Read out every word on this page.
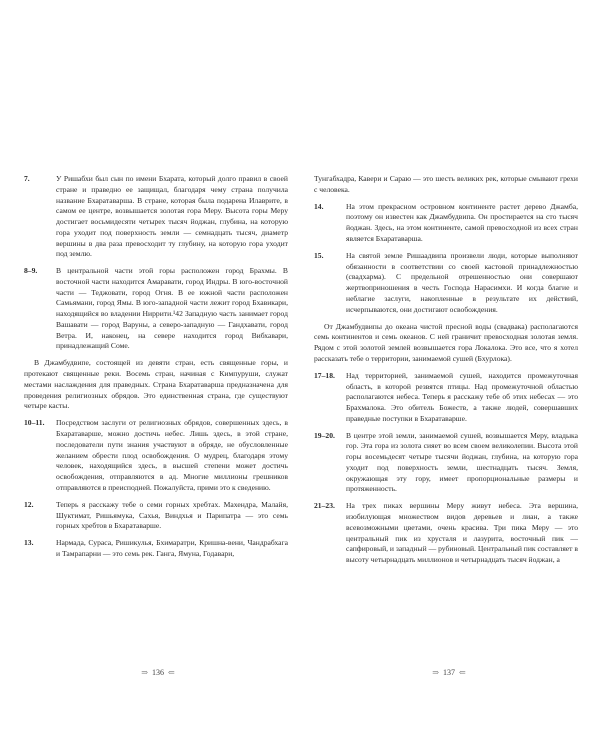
7.	У Ришабхи был сын по имени Бхарата, который долго правил в своей стране и праведно ее защищал, благодаря чему страна получила название Бхаратаварша. В стране, которая была подарена Илаврите, в самом ее центре, возвышается золотая гора Меру. Высота горы Меру достигает восьмидесяти четырех тысяч йоджан, глубина, на которую гора уходит под поверхность земли — семнадцать тысяч, диаметр вершины в два раза превосходит ту глубину, на которую гора уходит под землю.
8–9. В центральной части этой горы расположен город Брахмы. В восточной части находится Амаравати, город Индры. В юго-восточной части — Теджовати, город Огня. В ее южной части расположен Самьямани, город Ямы. В юго-западной части лежит город Бхавикари, находящийся во владении Ниррити.¹42 Западную часть занимает город Вашавати — город Варуны, а северо-западную — Гандхавати, город Ветра. И, наконец, на севере находится город Вибхавари, принадлежащий Соме.
В Джамбудвипе, состоящей из девяти стран, есть священные горы, и протекают священные реки. Восемь стран, начиная с Кимпуруши, служат местами наслаждения для праведных. Страна Бхаратаварша предназначена для проведения религиозных обрядов. Это единственная страна, где существуют четыре касты.
10–11. Посредством заслуги от религиозных обрядов, совершенных здесь, в Бхаратаварше, можно достичь небес. Лишь здесь, в этой стране, последователи пути знания участвуют в обряде, не обусловленные желанием обрести плод освобождения. О мудрец, благодаря этому человек, находящийся здесь, в высшей степени может достичь освобождения, отправляются в ад. Многие миллионы грешников отправляются в преисподней. Пожалуйста, прими это к сведению.
12.	Теперь я расскажу тебе о семи горных хребтах. Махендра, Малайя, Шуктимат, Ришьямука, Сахья, Виндхья и Парипатра — это семь горных хребтов в Бхаратаварше.
13.	Нармада, Сураса, Ришикулья, Бхимаратри, Кришна-вени, Чандрабхага и Тамрапарни — это семь рек. Ганга, Ямуна, Годавари,
Тунгабхадра, Кавери и Сараю — это шесть великих рек, которые смывают грехи с человека.
14.	На этом прекрасном островном континенте растет дерево Джамба, поэтому он известен как Джамбудвипа. Он простирается на сто тысяч йоджан. Здесь, на этом континенте, самой превосходной из всех стран является Бхаратаварша.
15.	На святой земле Ришаадвипа произвели люди, которые выполняют обязанности в соответствии со своей кастовой принадлежностью (свадхарма). С предельной отрешенностью они совершают жертвоприношения в честь Господа Нарасимхи. И когда благие и неблагие заслуги, накопленные в результате их действий, исчерпываются, они достигают освобождения.
От Джамбудвипы до океана чистой пресной воды (свадвака) располагаются семь континентов и семь океанов. С ней граничит превосходная золотая земля. Рядом с этой золотой землей возвышается гора Локалока. Это все, что я хотел рассказать тебе о территории, занимаемой сушей (Бхурлока).
17–18. Над территорией, занимаемой сушей, находится промежуточная область, в которой резвятся птицы. Над промежуточной областью располагаются небеса. Теперь я расскажу тебе об этих небесах — это Брахмалока. Это обитель Божеств, а также людей, совершавших праведные поступки в Бхаратаварше.
19–20. В центре этой земли, занимаемой сушей, возвышается Меру, владыка гор. Эта гора из золота сияет во всем своем великолепии. Высота этой горы восемьдесят четыре тысячи йоджан, глубина, на которую гора уходит под поверхность земли, шестнадцать тысяч. Земля, окружающая эту гору, имеет пропорциональные размеры и протяженность.
21–23. На трех пиках вершины Меру живут небеса. Эта вершина, изобилующая множеством видов деревьев и лиан, а также всевозможными цветами, очень красива. Три пика Меру — это центральный пик из хрусталя и лазурита, восточный пик — сапфировый, и западный — рубиновый. Центральный пик составляет в высоту четырнадцать миллионов и четырнадцать тысяч йоджан, а
⇒ 136 ⇐	⇒ 137 ⇐
